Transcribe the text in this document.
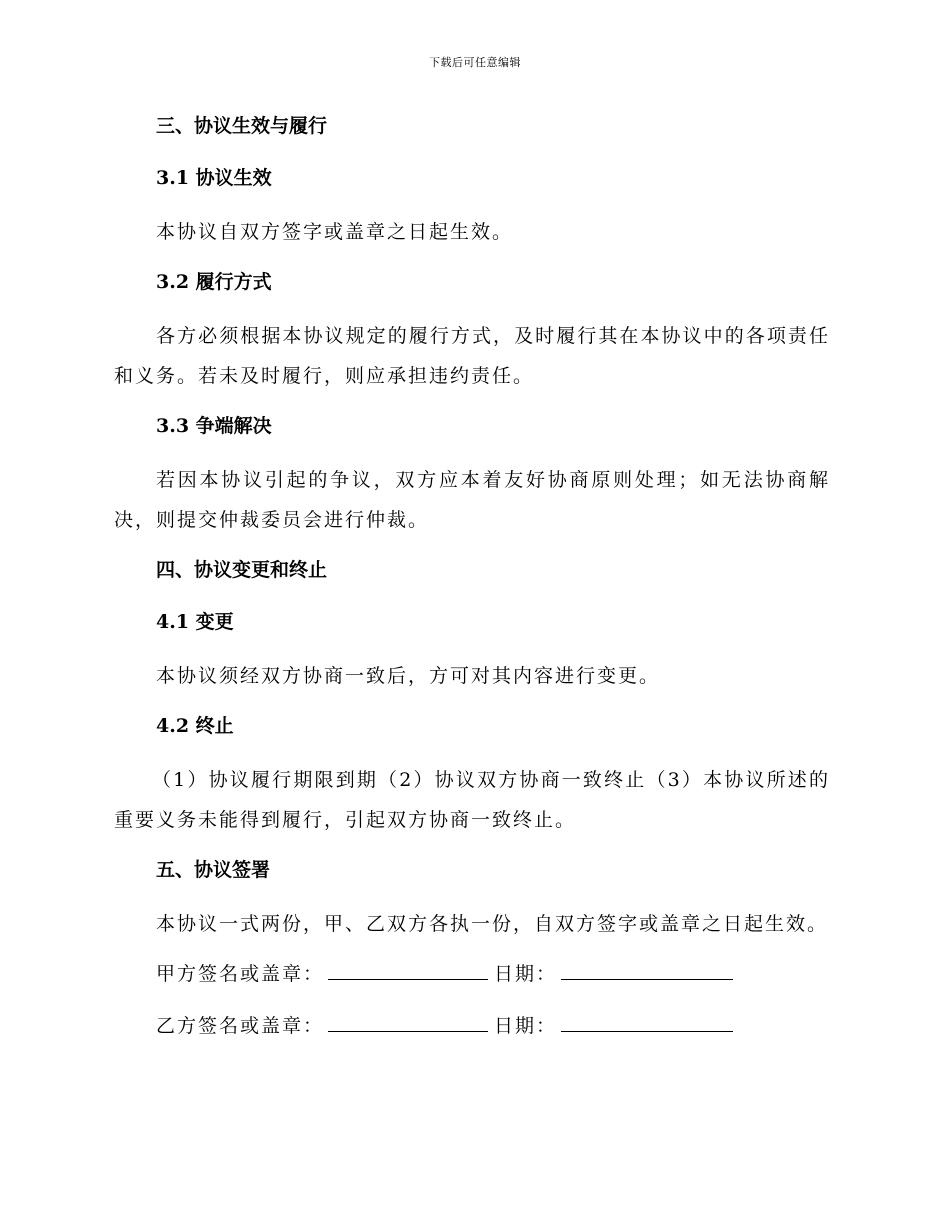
下载后可任意编辑
三、协议生效与履行
3.1 协议生效
本协议自双方签字或盖章之日起生效。
3.2 履行方式
各方必须根据本协议规定的履行方式，及时履行其在本协议中的各项责任和义务。若未及时履行，则应承担违约责任。
3.3 争端解决
若因本协议引起的争议，双方应本着友好协商原则处理；如无法协商解决，则提交仲裁委员会进行仲裁。
四、协议变更和终止
4.1 变更
本协议须经双方协商一致后，方可对其内容进行变更。
4.2 终止
（1）协议履行期限到期（2）协议双方协商一致终止（3）本协议所述的重要义务未能得到履行，引起双方协商一致终止。
五、协议签署
本协议一式两份，甲、乙双方各执一份，自双方签字或盖章之日起生效。
甲方签名或盖章：	日期：
乙方签名或盖章：	日期：
